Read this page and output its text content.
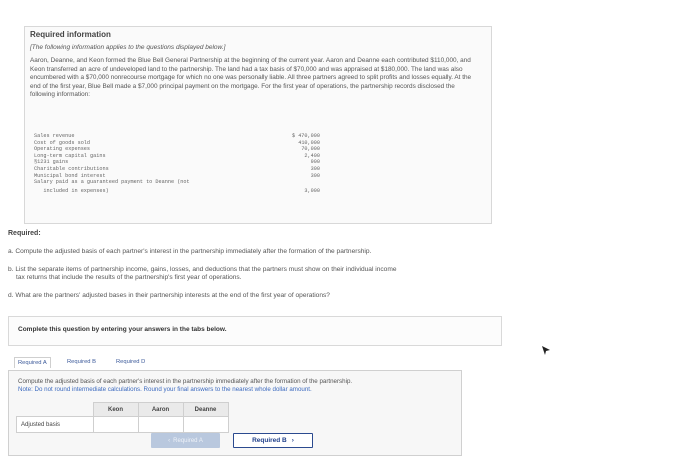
Required information
[The following information applies to the questions displayed below.]
Aaron, Deanne, and Keon formed the Blue Bell General Partnership at the beginning of the current year. Aaron and Deanne each contributed $110,000, and Keon transferred an acre of undeveloped land to the partnership. The land had a tax basis of $70,000 and was appraised at $180,000. The land was also encumbered with a $70,000 nonrecourse mortgage for which no one was personally liable. All three partners agreed to split profits and losses equally. At the end of the first year, Blue Bell made a $7,000 principal payment on the mortgage. For the first year of operations, the partnership records disclosed the following information:
Sales revenue	$ 470,000
Cost of goods sold	410,000
Operating expenses	70,000
Long-term capital gains	2,400
§1231 gains	900
Charitable contributions	300
Municipal bond interest	300
Salary paid as a guaranteed payment to Deanne (not
included in expenses)	3,000
Required:
a. Compute the adjusted basis of each partner's interest in the partnership immediately after the formation of the partnership.
b. List the separate items of partnership income, gains, losses, and deductions that the partners must show on their individual income
tax returns that include the results of the partnership's first year of operations.
d. What are the partners' adjusted bases in their partnership interests at the end of the first year of operations?
Complete this question by entering your answers in the tabs below.
Required A	Required B	Required D
Compute the adjusted basis of each partner's interest in the partnership immediately after the formation of the partnership.
Note: Do not round intermediate calculations. Round your final answers to the nearest whole dollar amount.
	Keon	Aaron	Deanne
Adjusted basis			
‹ Required A	Required B ›
